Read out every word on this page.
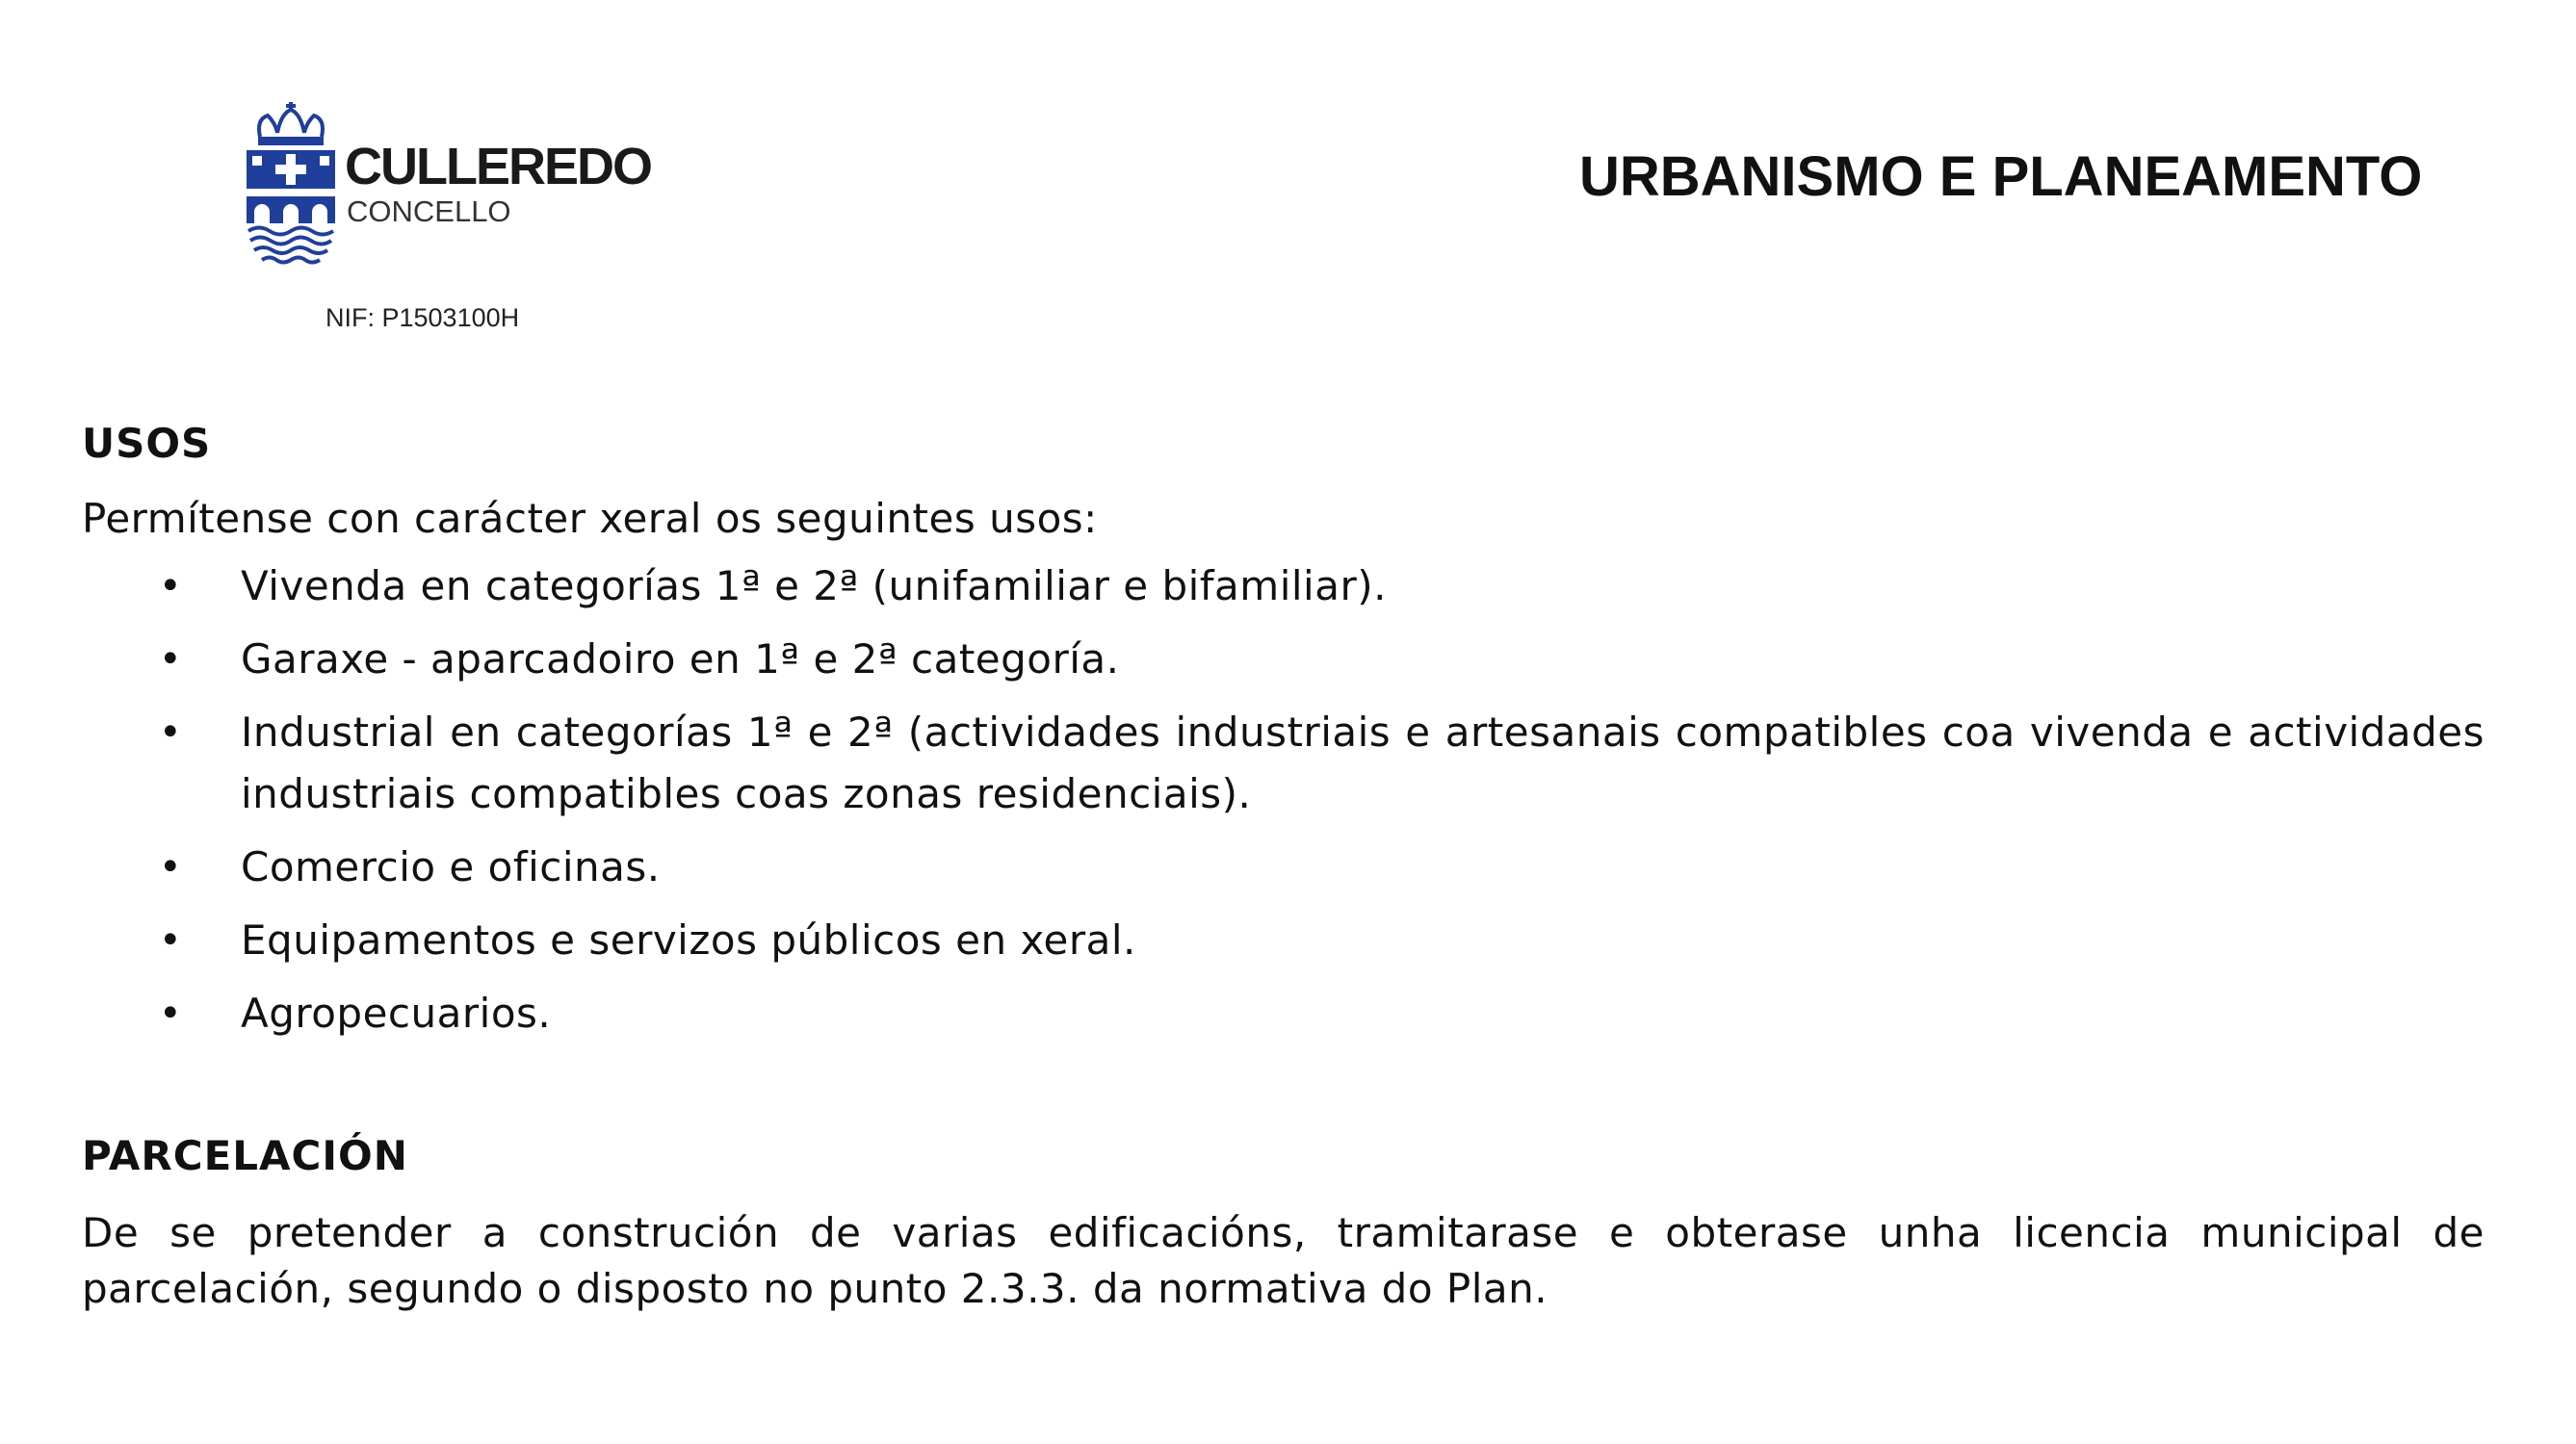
CULLEREDO
CONCELLO
NIF: P1503100H
URBANISMO E PLANEAMENTO
USOS

Permítense con carácter xeral os seguintes usos:

• Vivenda en categorías 1ª e 2ª (unifamiliar e bifamiliar).
• Garaxe - aparcadoiro en 1ª e 2ª categoría.
• Industrial en categorías 1ª e 2ª (actividades industriais e artesanais compatibles coa vivenda e actividades industriais compatibles coas zonas residenciais).
• Comercio e oficinas.
• Equipamentos e servizos públicos en xeral.
• Agropecuarios.
PARCELACIÓN

De se pretender a construción de varias edificacións, tramitarase e obterase unha licencia municipal de parcelación, segundo o disposto no punto 2.3.3. da normativa do Plan.
